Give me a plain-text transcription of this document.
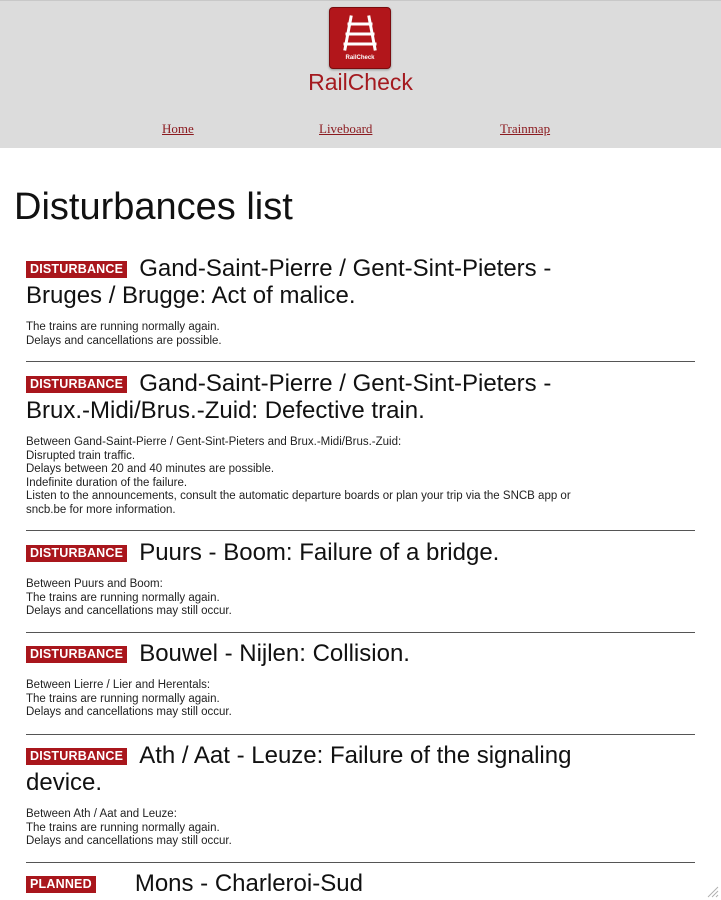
RailCheck
RailCheck
Home	Liveboard	Trainmap
Disturbances list
DISTURBANCE Gand-Saint-Pierre / Gent-Sint-Pieters -
Bruges / Brugge: Act of malice.
The trains are running normally again.
Delays and cancellations are possible.
DISTURBANCE Gand-Saint-Pierre / Gent-Sint-Pieters -
Brux.-Midi/Brus.-Zuid: Defective train.
Between Gand-Saint-Pierre / Gent-Sint-Pieters and Brux.-Midi/Brus.-Zuid:
Disrupted train traffic.
Delays between 20 and 40 minutes are possible.
Indefinite duration of the failure.
Listen to the announcements, consult the automatic departure boards or plan your trip via the SNCB app or
sncb.be for more information.
DISTURBANCE Puurs - Boom: Failure of a bridge.
Between Puurs and Boom:
The trains are running normally again.
Delays and cancellations may still occur.
DISTURBANCE Bouwel - Nijlen: Collision.
Between Lierre / Lier and Herentals:
The trains are running normally again.
Delays and cancellations may still occur.
DISTURBANCE Ath / Aat - Leuze: Failure of the signaling
device.
Between Ath / Aat and Leuze:
The trains are running normally again.
Delays and cancellations may still occur.
PLANNED Mons - Charleroi-Sud
